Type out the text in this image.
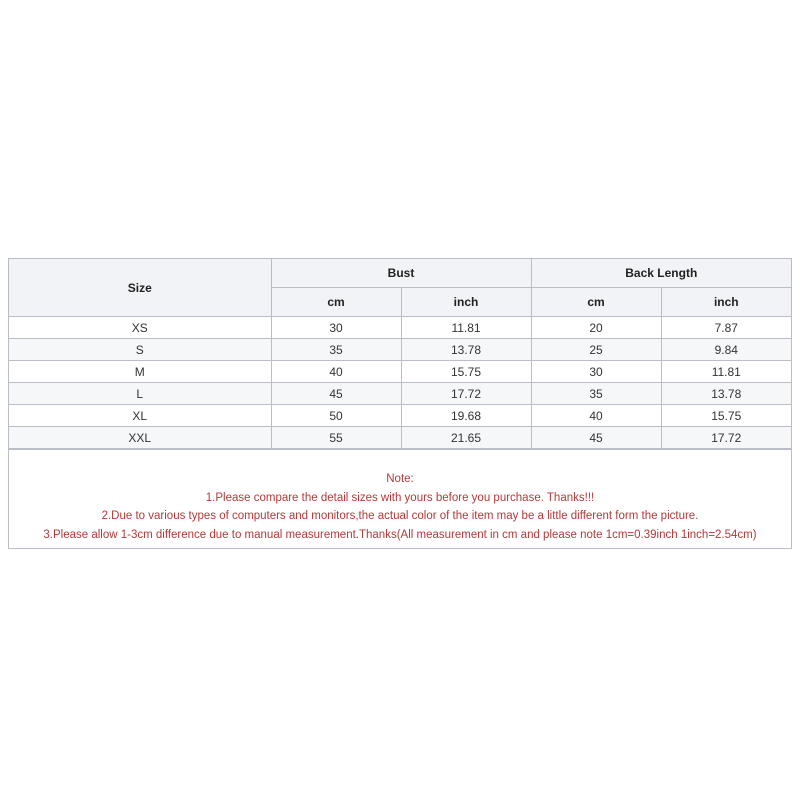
Size	Bust		Back Length	
	cm	inch	cm	inch
XS	30	11.81	20	7.87
S	35	13.78	25	9.84
M	40	15.75	30	11.81
L	45	17.72	35	13.78
XL	50	19.68	40	15.75
XXL	55	21.65	45	17.72
Note:
1.Please compare the detail sizes with yours before you purchase. Thanks!!!
2.Due to various types of computers and monitors,the actual color of the item may be a little different form the picture.
3.Please allow 1-3cm difference due to manual measurement.Thanks(All measurement in cm and please note 1cm=0.39inch 1inch=2.54cm)
